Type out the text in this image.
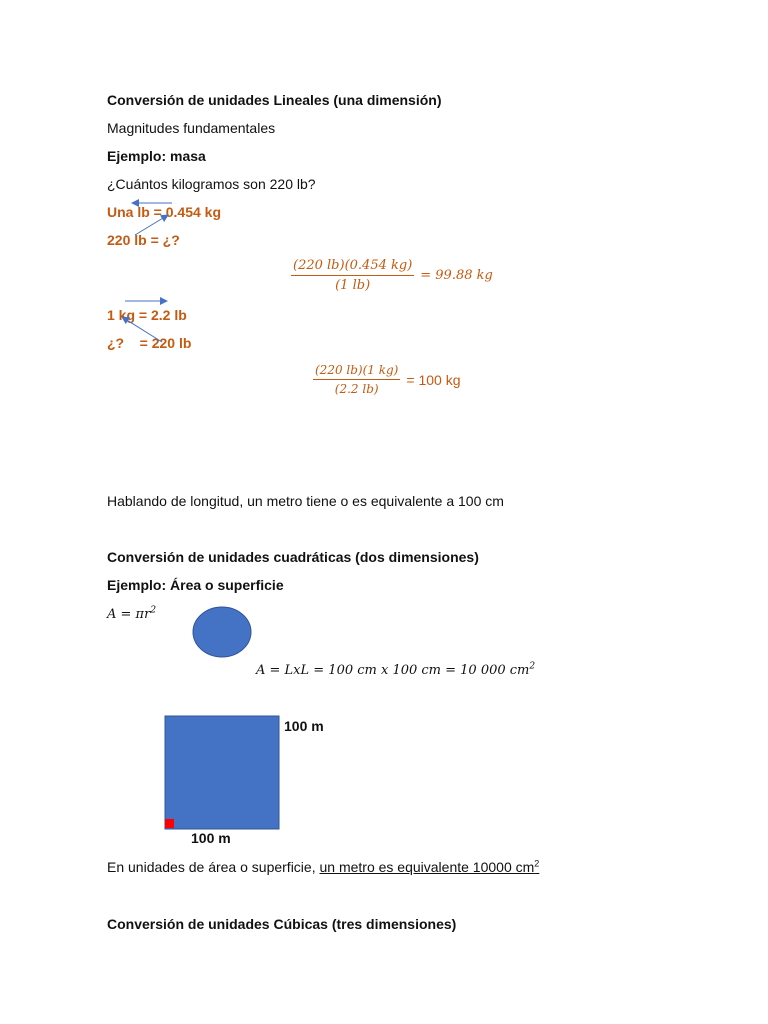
Conversión de unidades Lineales (una dimensión)
Magnitudes fundamentales
Ejemplo: masa
¿Cuántos kilogramos son 220 lb?
Una lb = 0.454 kg
220 lb = ¿?
$\frac{(220 lb)(0.454 kg)}{(1 lb)} = 99.88$ kg
1 kg = 2.2 lb
¿?    = 220 lb
$\frac{(220 lb)(1 kg)}{(2.2 lb)} = 100$ kg
Hablando de longitud, un metro tiene o es equivalente a 100 cm
Conversión de unidades cuadráticas (dos dimensiones)
Ejemplo: Área o superficie
$A = \pi r^2$
A = LxL = 100 cm x 100 cm = 10 000 $cm^2$
100 m
100 m
En unidades de área o superficie, un metro es equivalente 10000 $cm^2$
Conversión de unidades Cúbicas (tres dimensiones)
